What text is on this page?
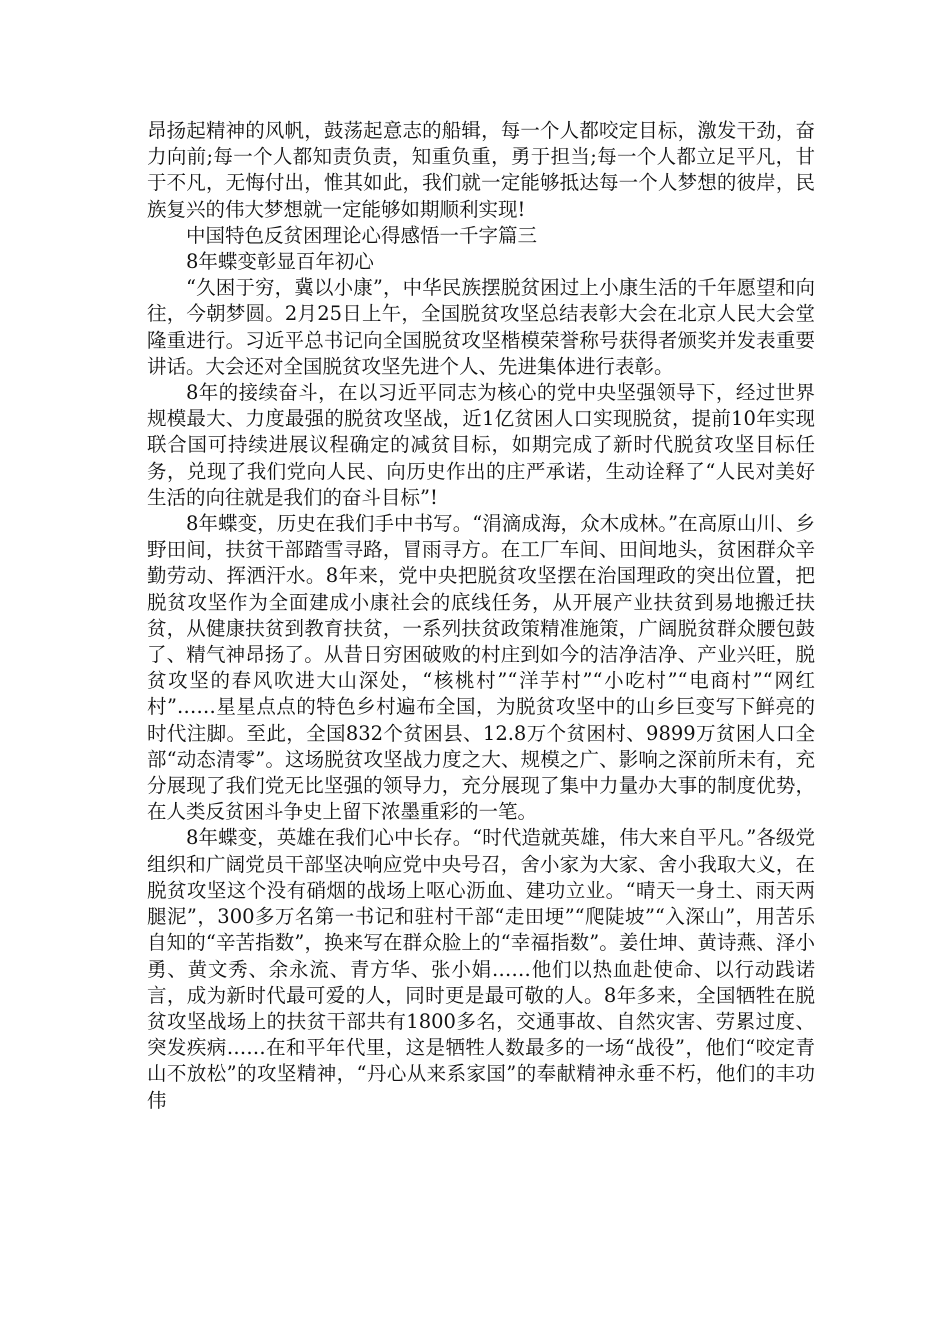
昂扬起精神的风帆，鼓荡起意志的船辑，每一个人都咬定目标，激发干劲，奋力向前;每一个人都知责负责，知重负重，勇于担当;每一个人都立足平凡，甘于不凡，无悔付出，惟其如此，我们就一定能够抵达每一个人梦想的彼岸，民族复兴的伟大梦想就一定能够如期顺利实现!

中国特色反贫困理论心得感悟一千字篇三

8年蝶变彰显百年初心

“久困于穷，冀以小康”，中华民族摆脱贫困过上小康生活的千年愿望和向往，今朝梦圆。2月25日上午，全国脱贫攻坚总结表彰大会在北京人民大会堂隆重进行。习近平总书记向全国脱贫攻坚楷模荣誉称号获得者颁奖并发表重要讲话。大会还对全国脱贫攻坚先进个人、先进集体进行表彰。

8年的接续奋斗，在以习近平同志为核心的党中央坚强领导下，经过世界规模最大、力度最强的脱贫攻坚战，近1亿贫困人口实现脱贫，提前10年实现联合国可持续进展议程确定的减贫目标，如期完成了新时代脱贫攻坚目标任务，兑现了我们党向人民、向历史作出的庄严承诺，生动诠释了“人民对美好生活的向往就是我们的奋斗目标”!

8年蝶变，历史在我们手中书写。“涓滴成海，众木成林。”在高原山川、乡野田间，扶贫干部踏雪寻路，冒雨寻方。在工厂车间、田间地头，贫困群众辛勤劳动、挥洒汗水。8年来，党中央把脱贫攻坚摆在治国理政的突出位置，把脱贫攻坚作为全面建成小康社会的底线任务，从开展产业扶贫到易地搬迁扶贫，从健康扶贫到教育扶贫，一系列扶贫政策精准施策，广阔脱贫群众腰包鼓了、精气神昂扬了。从昔日穷困破败的村庄到如今的洁净洁净、产业兴旺，脱贫攻坚的春风吹进大山深处，“核桃村”“洋芋村”“小吃村”“电商村”“网红村”……星星点点的特色乡村遍布全国，为脱贫攻坚中的山乡巨变写下鲜亮的时代注脚。至此，全国832个贫困县、12.8万个贫困村、9899万贫困人口全部“动态清零”。这场脱贫攻坚战力度之大、规模之广、影响之深前所未有，充分展现了我们党无比坚强的领导力，充分展现了集中力量办大事的制度优势，在人类反贫困斗争史上留下浓墨重彩的一笔。

8年蝶变，英雄在我们心中长存。“时代造就英雄，伟大来自平凡。”各级党组织和广阔党员干部坚决响应党中央号召，舍小家为大家、舍小我取大义，在脱贫攻坚这个没有硝烟的战场上呕心沥血、建功立业。“晴天一身土、雨天两腿泥”，300多万名第一书记和驻村干部“走田埂”“爬陡坡”“入深山”，用苦乐自知的“辛苦指数”，换来写在群众脸上的“幸福指数”。姜仕坤、黄诗燕、泽小勇、黄文秀、余永流、青方华、张小娟……他们以热血赴使命、以行动践诺言，成为新时代最可爱的人，同时更是最可敬的人。8年多来，全国牺牲在脱贫攻坚战场上的扶贫干部共有1800多名，交通事故、自然灾害、劳累过度、突发疾病……在和平年代里，这是牺牲人数最多的一场“战役”，他们“咬定青山不放松”的攻坚精神，“丹心从来系家国”的奉献精神永垂不朽，他们的丰功伟
